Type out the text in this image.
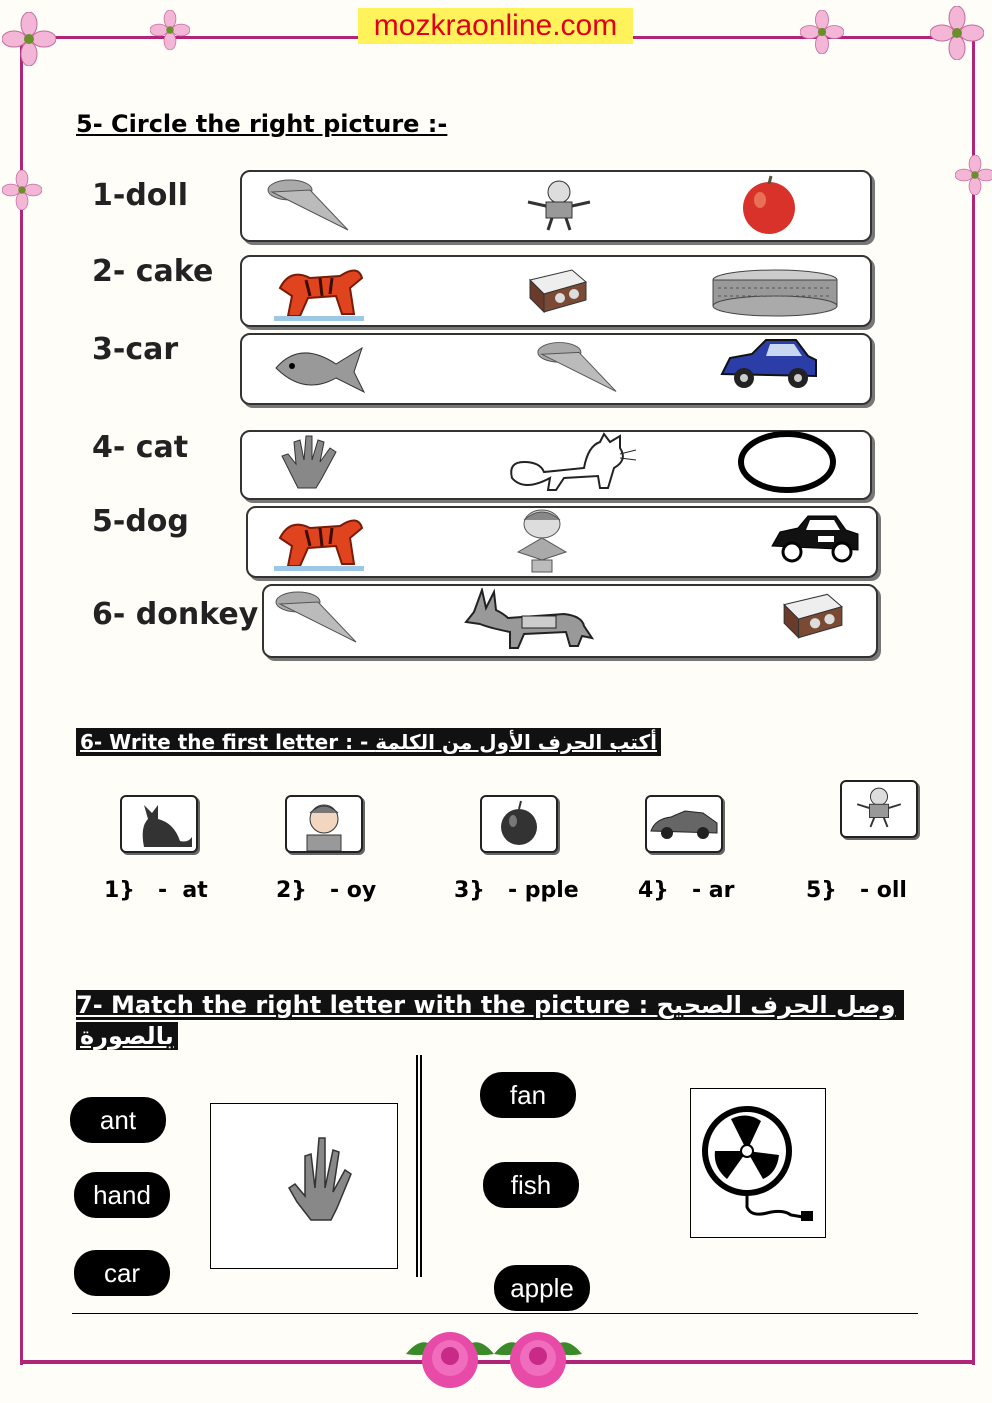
mozkraonline.com
5- Circle the right picture :-
1-doll
2- cake
3-car
4- cat
5-dog
6- donkey
6- Write the first letter : - أكتب الحرف الأول من الكلمة
1}   -  at	2}   - oy	3}   - pple	4}   - ar	5}   - oll
7- Match the right letter with the picture : وصل الحرف الصحيح
بالصورة
ant
hand
car
fan
fish
apple
